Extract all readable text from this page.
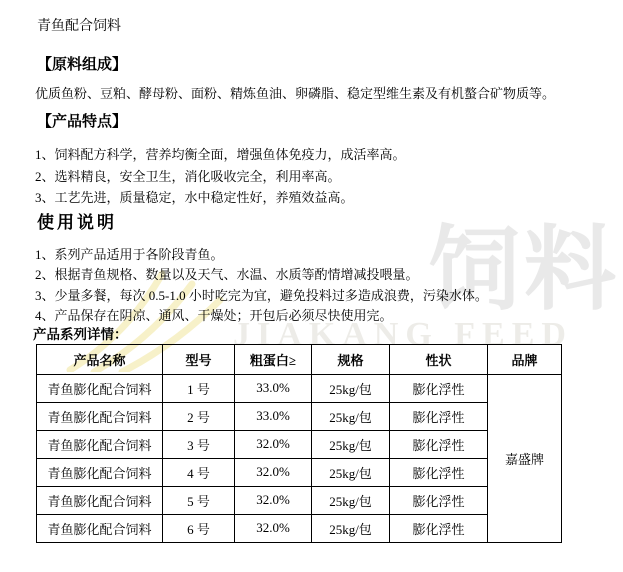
饲料
JIAKANG FEED
青鱼配合饲料
【原料组成】
优质鱼粉、豆粕、酵母粉、面粉、精炼鱼油、卵磷脂、稳定型维生素及有机螯合矿物质等。
【产品特点】
1、饲料配方科学，营养均衡全面，增强鱼体免疫力，成活率高。
2、选料精良，安全卫生，消化吸收完全，利用率高。
3、工艺先进，质量稳定，水中稳定性好，养殖效益高。
使用说明
1、系列产品适用于各阶段青鱼。
2、根据青鱼规格、数量以及天气、水温、水质等酌情增减投喂量。
3、少量多餐，每次 0.5-1.0 小时吃完为宜，避免投料过多造成浪费，污染水体。
4、产品保存在阴凉、通风、干燥处；开包后必须尽快使用完。
产品系列详情：
产品名称	型号	粗蛋白≥	规格	性状	品牌
青鱼膨化配合饲料	1 号	33.0%	25kg/包	膨化浮性	嘉盛牌
青鱼膨化配合饲料	2 号	33.0%	25kg/包	膨化浮性	
青鱼膨化配合饲料	3 号	32.0%	25kg/包	膨化浮性	
青鱼膨化配合饲料	4 号	32.0%	25kg/包	膨化浮性	
青鱼膨化配合饲料	5 号	32.0%	25kg/包	膨化浮性	
青鱼膨化配合饲料	6 号	32.0%	25kg/包	膨化浮性	
